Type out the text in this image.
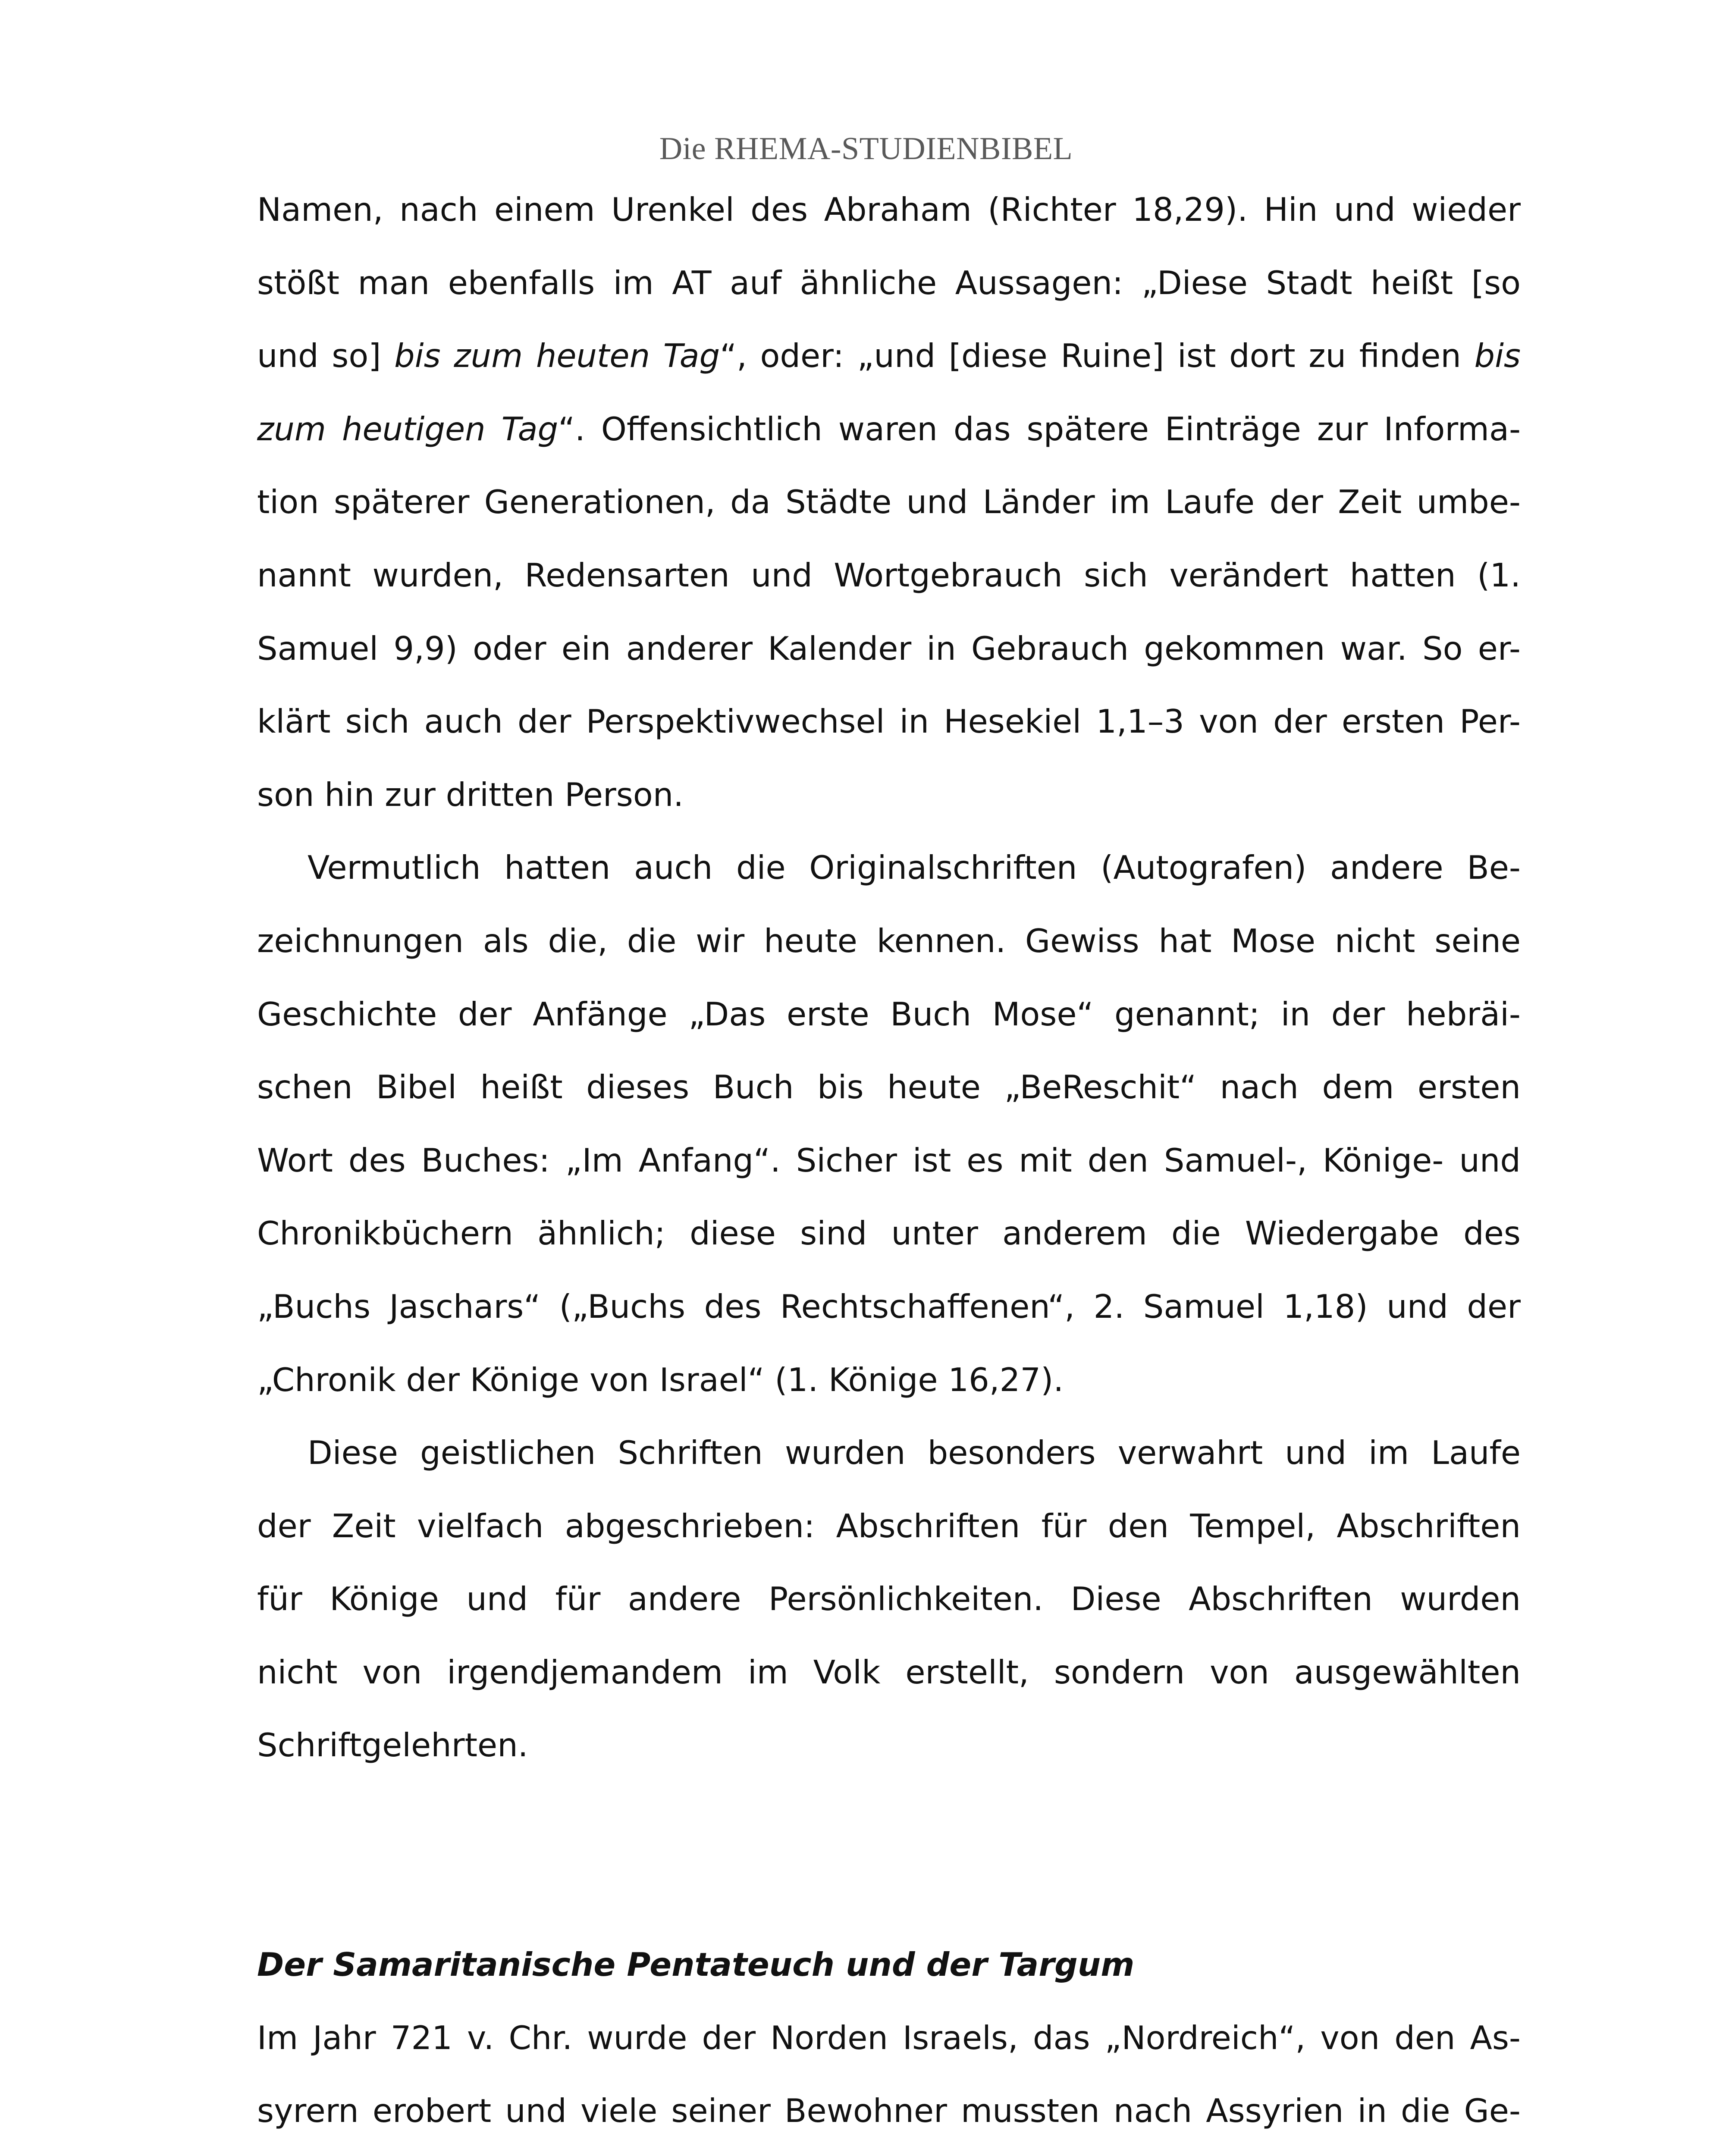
Die RHEMA-STUDIENBIBEL
Namen, nach einem Urenkel des Abraham (Richter 18,29). Hin und wieder
stößt man ebenfalls im AT auf ähnliche Aussagen: „Diese Stadt heißt [so
und so] bis zum heuten Tag“, oder: „und [diese Ruine] ist dort zu finden bis
zum heutigen Tag“. Offensichtlich waren das spätere Einträge zur Informa-
tion späterer Generationen, da Städte und Länder im Laufe der Zeit umbe-
nannt wurden, Redensarten und Wortgebrauch sich verändert hatten (1.
Samuel 9,9) oder ein anderer Kalender in Gebrauch gekommen war. So er-
klärt sich auch der Perspektivwechsel in Hesekiel 1,1–3 von der ersten Per-
son hin zur dritten Person.
Vermutlich hatten auch die Originalschriften (Autografen) andere Be-
zeichnungen als die, die wir heute kennen. Gewiss hat Mose nicht seine
Geschichte der Anfänge „Das erste Buch Mose“ genannt; in der hebräi-
schen Bibel heißt dieses Buch bis heute „BeReschit“ nach dem ersten
Wort des Buches: „Im Anfang“. Sicher ist es mit den Samuel-, Könige- und
Chronikbüchern ähnlich; diese sind unter anderem die Wiedergabe des
„Buchs Jaschars“ („Buchs des Rechtschaffenen“, 2. Samuel 1,18) und der
„Chronik der Könige von Israel“ (1. Könige 16,27).
Diese geistlichen Schriften wurden besonders verwahrt und im Laufe
der Zeit vielfach abgeschrieben: Abschriften für den Tempel, Abschriften
für Könige und für andere Persönlichkeiten. Diese Abschriften wurden
nicht von irgendjemandem im Volk erstellt, sondern von ausgewählten
Schriftgelehrten.
Der Samaritanische Pentateuch und der Targum
Im Jahr 721 v. Chr. wurde der Norden Israels, das „Nordreich“, von den As-
syrern erobert und viele seiner Bewohner mussten nach Assyrien in die Ge-
